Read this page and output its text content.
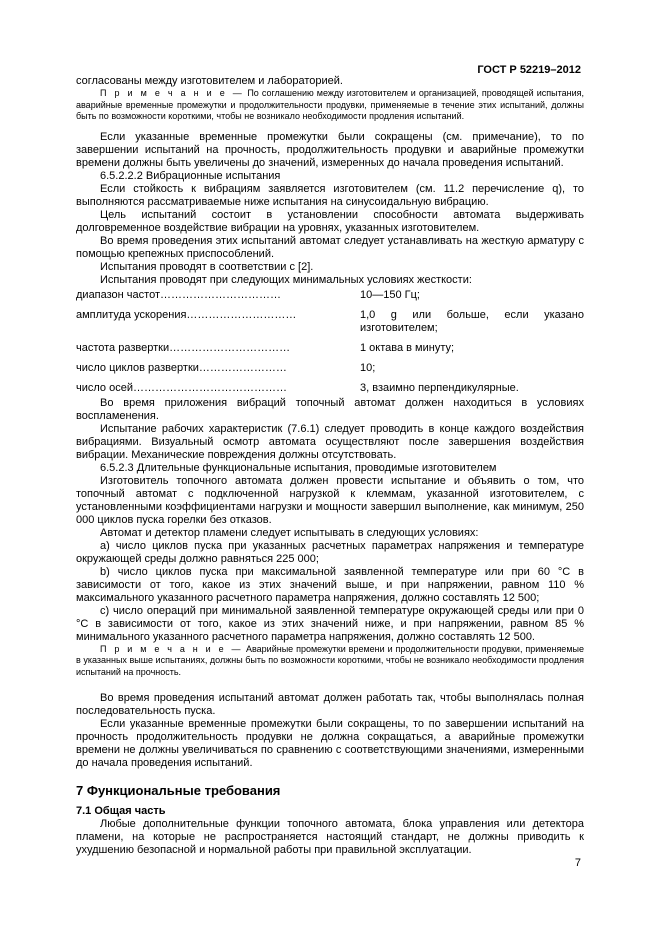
ГОСТ Р 52219–2012

согласованы между изготовителем и лабораторией.

П р и м е ч а н и е — По соглашению между изготовителем и организацией, проводящей испытания, аварийные временные промежутки и продолжительности продувки, применяемые в течение этих испытаний, должны быть по возможности короткими, чтобы не возникало необходимости продления испытаний.

Если указанные временные промежутки были сокращены (см. примечание), то по завершении испытаний на прочность, продолжительность продувки и аварийные промежутки времени должны быть увеличены до значений, измеренных до начала проведения испытаний.

6.5.2.2.2 Вибрационные испытания

Если стойкость к вибрациям заявляется изготовителем (см. 11.2 перечисление q), то выполняются рассматриваемые ниже испытания на синусоидальную вибрацию.

Цель испытаний состоит в установлении способности автомата выдерживать долговременное воздействие вибрации на уровнях, указанных изготовителем.

Во время проведения этих испытаний автомат следует устанавливать на жесткую арматуру с помощью крепежных приспособлений.

Испытания проводят в соответствии с [2].

Испытания проводят при следующих минимальных условиях жесткости:

диапазон частот……………………………	10—150 Гц;
амплитуда ускорения…………………………	1,0 g или больше, если указано изготовителем;
частота развертки……………………………	1 октава в минуту;
число циклов развертки……………………	10;
число осей……………………………………	3, взаимно перпендикулярные.

Во время приложения вибраций топочный автомат должен находиться в условиях воспламенения.

Испытание рабочих характеристик (7.6.1) следует проводить в конце каждого воздействия вибрациями. Визуальный осмотр автомата осуществляют после завершения воздействия вибрации. Механические повреждения должны отсутствовать.

6.5.2.3 Длительные функциональные испытания, проводимые изготовителем

Изготовитель топочного автомата должен провести испытание и объявить о том, что топочный автомат с подключенной нагрузкой к клеммам, указанной изготовителем, с установленными коэффициентами нагрузки и мощности завершил выполнение, как минимум, 250 000 циклов пуска горелки без отказов.

Автомат и детектор пламени следует испытывать в следующих условиях:

а) число циклов пуска при указанных расчетных параметрах напряжения и температуре окружающей среды должно равняться 225 000;

b) число циклов пуска при максимальной заявленной температуре или при 60 °С в зависимости от того, какое из этих значений выше, и при напряжении, равном 110 % максимального указанного расчетного параметра напряжения, должно составлять 12 500;

с) число операций при минимальной заявленной температуре окружающей среды или при 0 °С в зависимости от того, какое из этих значений ниже, и при напряжении, равном 85 % минимального указанного расчетного параметра напряжения, должно составлять 12 500.

П р и м е ч а н и е — Аварийные промежутки времени и продолжительности продувки, применяемые в указанных выше испытаниях, должны быть по возможности короткими, чтобы не возникало необходимости продления испытаний на прочность.

Во время проведения испытаний автомат должен работать так, чтобы выполнялась полная последовательность пуска.

Если указанные временные промежутки были сокращены, то по завершении испытаний на прочность продолжительность продувки не должна сокращаться, а аварийные промежутки времени не должны увеличиваться по сравнению с соответствующими значениями, измеренными до начала проведения испытаний.

7 Функциональные требования
7.1 Общая часть

Любые дополнительные функции топочного автомата, блока управления или детектора пламени, на которые не распространяется настоящий стандарт, не должны приводить к ухудшению безопасной и нормальной работы при правильной эксплуатации.

7
